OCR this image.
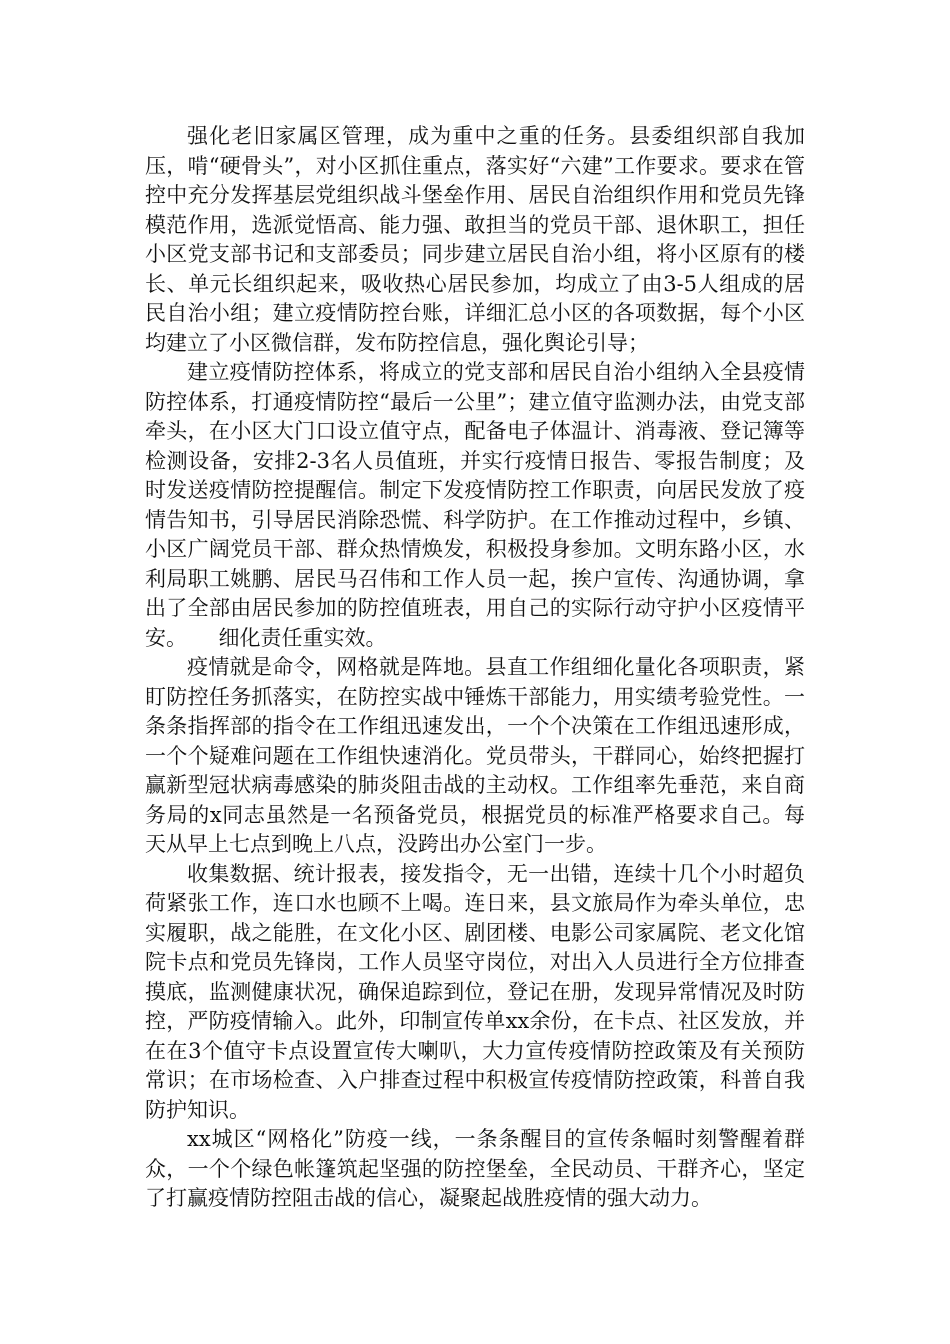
强化老旧家属区管理，成为重中之重的任务。县委组织部自我加压，啃“硬骨头”，对小区抓住重点，落实好“六建”工作要求。要求在管控中充分发挥基层党组织战斗堡垒作用、居民自治组织作用和党员先锋模范作用，选派觉悟高、能力强、敢担当的党员干部、退休职工，担任小区党支部书记和支部委员；同步建立居民自治小组，将小区原有的楼长、单元长组织起来，吸收热心居民参加，均成立了由3-5人组成的居民自治小组；建立疫情防控台账，详细汇总小区的各项数据，每个小区均建立了小区微信群，发布防控信息，强化舆论引导；

建立疫情防控体系，将成立的党支部和居民自治小组纳入全县疫情防控体系，打通疫情防控“最后一公里”；建立值守监测办法，由党支部牵头，在小区大门口设立值守点，配备电子体温计、消毒液、登记簿等检测设备，安排2-3名人员值班，并实行疫情日报告、零报告制度；及时发送疫情防控提醒信。制定下发疫情防控工作职责，向居民发放了疫情告知书，引导居民消除恐慌、科学防护。在工作推动过程中，乡镇、小区广阔党员干部、群众热情焕发，积极投身参加。文明东路小区，水利局职工姚鹏、居民马召伟和工作人员一起，挨户宣传、沟通协调，拿出了全部由居民参加的防控值班表，用自己的实际行动守护小区疫情平安。　　细化责任重实效。

疫情就是命令，网格就是阵地。县直工作组细化量化各项职责，紧盯防控任务抓落实，在防控实战中锤炼干部能力，用实绩考验党性。一条条指挥部的指令在工作组迅速发出，一个个决策在工作组迅速形成，一个个疑难问题在工作组快速消化。党员带头，干群同心，始终把握打赢新型冠状病毒感染的肺炎阻击战的主动权。工作组率先垂范，来自商务局的x同志虽然是一名预备党员，根据党员的标准严格要求自己。每天从早上七点到晚上八点，没跨出办公室门一步。

收集数据、统计报表，接发指令，无一出错，连续十几个小时超负荷紧张工作，连口水也顾不上喝。连日来，县文旅局作为牵头单位，忠实履职，战之能胜，在文化小区、剧团楼、电影公司家属院、老文化馆院卡点和党员先锋岗，工作人员坚守岗位，对出入人员进行全方位排查摸底，监测健康状况，确保追踪到位，登记在册，发现异常情况及时防控，严防疫情输入。此外，印制宣传单xx余份，在卡点、社区发放，并在在3个值守卡点设置宣传大喇叭，大力宣传疫情防控政策及有关预防常识；在市场检查、入户排查过程中积极宣传疫情防控政策，科普自我防护知识。

xx城区“网格化”防疫一线，一条条醒目的宣传条幅时刻警醒着群众，一个个绿色帐篷筑起坚强的防控堡垒，全民动员、干群齐心，坚定了打赢疫情防控阻击战的信心，凝聚起战胜疫情的强大动力。
